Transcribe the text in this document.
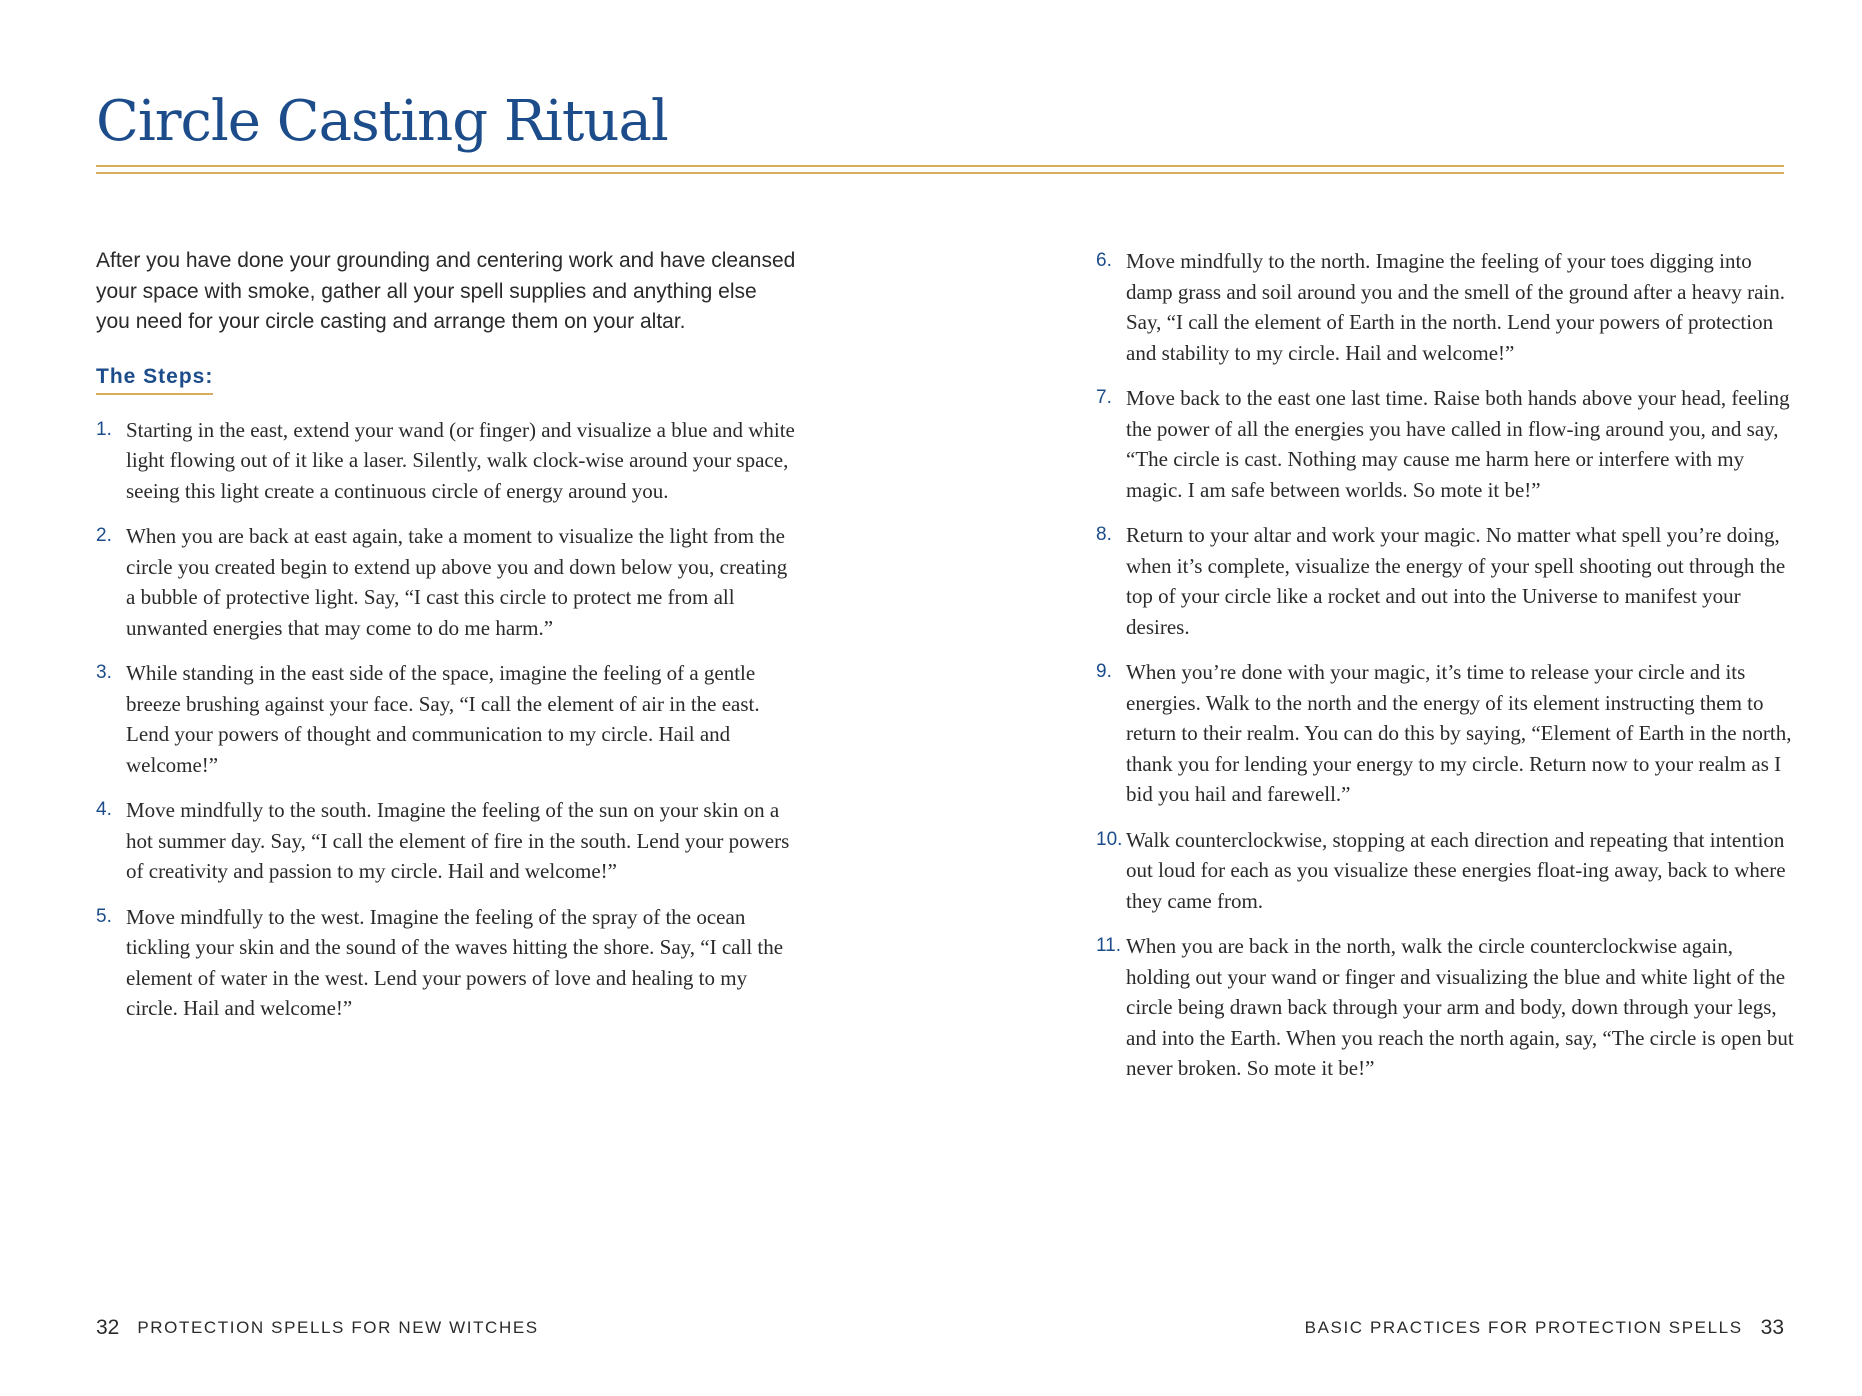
Circle Casting Ritual

After you have done your grounding and centering work and have cleansed your space with smoke, gather all your spell supplies and anything else you need for your circle casting and arrange them on your altar.

The Steps:
1. Starting in the east, extend your wand (or finger) and visualize a blue and white light flowing out of it like a laser. Silently, walk clock-wise around your space, seeing this light create a continuous circle of energy around you.
2. When you are back at east again, take a moment to visualize the light from the circle you created begin to extend up above you and down below you, creating a bubble of protective light. Say, “I cast this circle to protect me from all unwanted energies that may come to do me harm.”
3. While standing in the east side of the space, imagine the feeling of a gentle breeze brushing against your face. Say, “I call the element of air in the east. Lend your powers of thought and communication to my circle. Hail and welcome!”
4. Move mindfully to the south. Imagine the feeling of the sun on your skin on a hot summer day. Say, “I call the element of fire in the south. Lend your powers of creativity and passion to my circle. Hail and welcome!”
5. Move mindfully to the west. Imagine the feeling of the spray of the ocean tickling your skin and the sound of the waves hitting the shore. Say, “I call the element of water in the west. Lend your powers of love and healing to my circle. Hail and welcome!”
6. Move mindfully to the north. Imagine the feeling of your toes digging into damp grass and soil around you and the smell of the ground after a heavy rain. Say, “I call the element of Earth in the north. Lend your powers of protection and stability to my circle. Hail and welcome!”
7. Move back to the east one last time. Raise both hands above your head, feeling the power of all the energies you have called in flow-ing around you, and say, “The circle is cast. Nothing may cause me harm here or interfere with my magic. I am safe between worlds. So mote it be!”
8. Return to your altar and work your magic. No matter what spell you’re doing, when it’s complete, visualize the energy of your spell shooting out through the top of your circle like a rocket and out into the Universe to manifest your desires.
9. When you’re done with your magic, it’s time to release your circle and its energies. Walk to the north and the energy of its element instructing them to return to their realm. You can do this by saying, “Element of Earth in the north, thank you for lending your energy to my circle. Return now to your realm as I bid you hail and farewell.”
10. Walk counterclockwise, stopping at each direction and repeating that intention out loud for each as you visualize these energies float-ing away, back to where they came from.
11. When you are back in the north, walk the circle counterclockwise again, holding out your wand or finger and visualizing the blue and white light of the circle being drawn back through your arm and body, down through your legs, and into the Earth. When you reach the north again, say, “The circle is open but never broken. So mote it be!”
32 PROTECTION SPELLS FOR NEW WITCHES	BASIC PRACTICES FOR PROTECTION SPELLS 33
